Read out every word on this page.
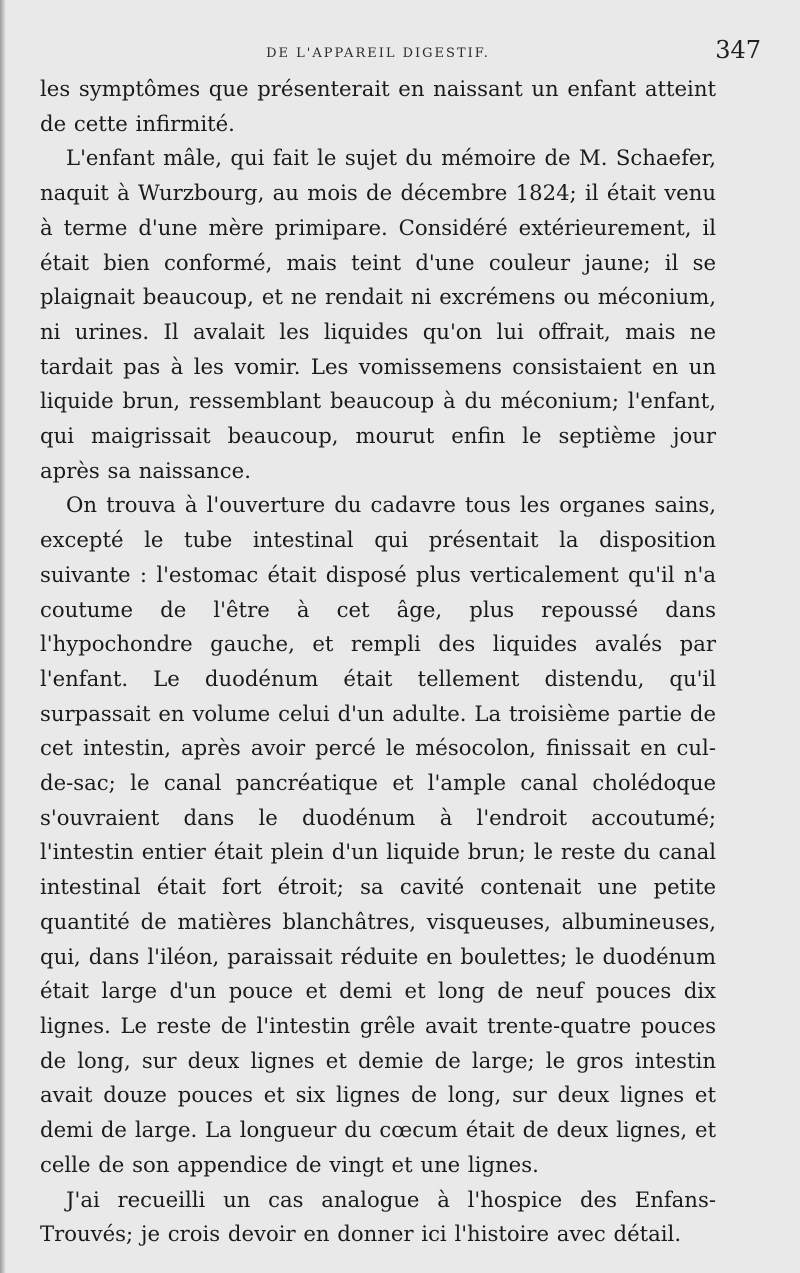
DE L'APPAREIL DIGESTIF.	347

les symptômes que présenterait en naissant un enfant atteint de cette infirmité.

L'enfant mâle, qui fait le sujet du mémoire de M. Schaefer, naquit à Wurzbourg, au mois de décembre 1824; il était venu à terme d'une mère primipare. Considéré extérieurement, il était bien conformé, mais teint d'une couleur jaune; il se plaignait beaucoup, et ne rendait ni excrémens ou méconium, ni urines. Il avalait les liquides qu'on lui offrait, mais ne tardait pas à les vomir. Les vomissemens consistaient en un liquide brun, ressemblant beaucoup à du méconium; l'enfant, qui maigrissait beaucoup, mourut enfin le septième jour après sa naissance.

On trouva à l'ouverture du cadavre tous les organes sains, excepté le tube intestinal qui présentait la disposition suivante : l'estomac était disposé plus verticalement qu'il n'a coutume de l'être à cet âge, plus repoussé dans l'hypochondre gauche, et rempli des liquides avalés par l'enfant. Le duodénum était tellement distendu, qu'il surpassait en volume celui d'un adulte. La troisième partie de cet intestin, après avoir percé le mésocolon, finissait en cul-de-sac; le canal pancréatique et l'ample canal cholédoque s'ouvraient dans le duodénum à l'endroit accoutumé; l'intestin entier était plein d'un liquide brun; le reste du canal intestinal était fort étroit; sa cavité contenait une petite quantité de matières blanchâtres, visqueuses, albumineuses, qui, dans l'iléon, paraissait réduite en boulettes; le duodénum était large d'un pouce et demi et long de neuf pouces dix lignes. Le reste de l'intestin grêle avait trente-quatre pouces de long, sur deux lignes et demie de large; le gros intestin avait douze pouces et six lignes de long, sur deux lignes et demi de large. La longueur du cœcum était de deux lignes, et celle de son appendice de vingt et une lignes.

J'ai recueilli un cas analogue à l'hospice des Enfans-Trouvés; je crois devoir en donner ici l'histoire avec détail.
